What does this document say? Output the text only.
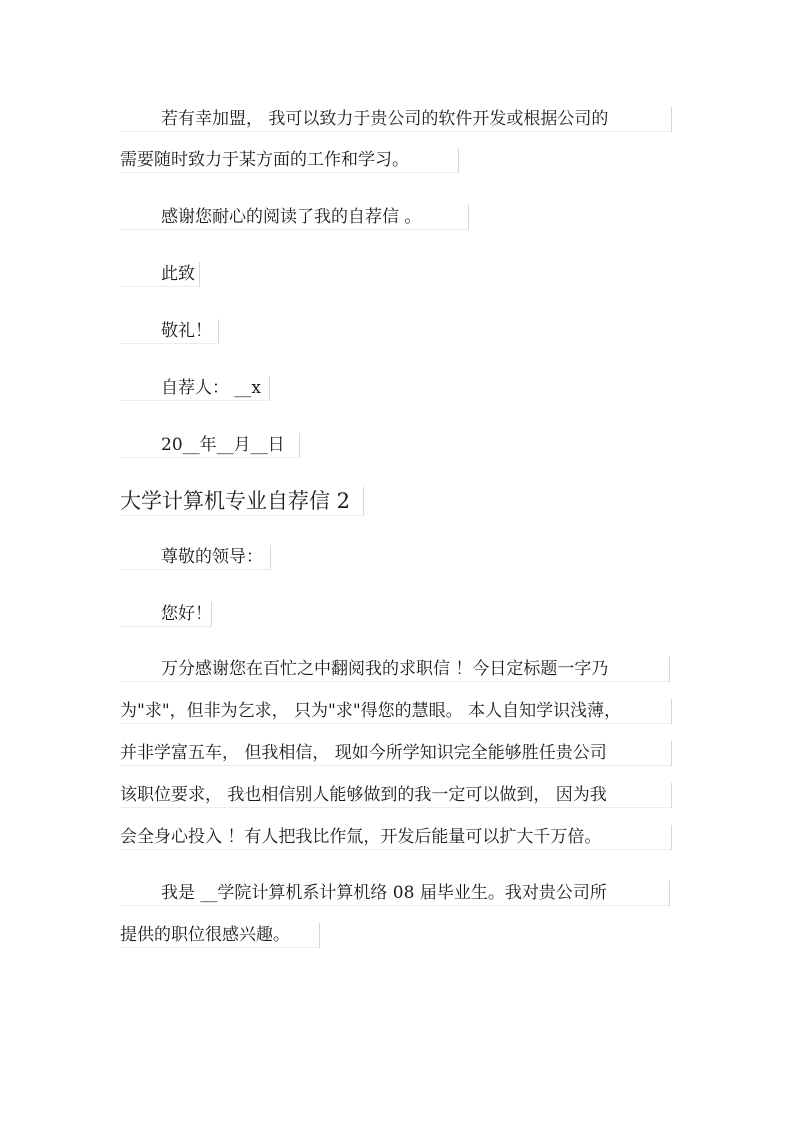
若有幸加盟， 我可以致力于贵公司的软件开发或根据公司的
需要随时致力于某方面的工作和学习。
感谢您耐心的阅读了我的自荐信 。
此致
敬礼！
自荐人： __x
20__年__月__日
大学计算机专业自荐信 2
尊敬的领导：
您好！
万分感谢您在百忙之中翻阅我的求职信 ！今日定标题一字乃
为"求"，但非为乞求， 只为"求"得您的慧眼。 本人自知学识浅薄，
并非学富五车， 但我相信， 现如今所学知识完全能够胜任贵公司
该职位要求， 我也相信别人能够做到的我一定可以做到， 因为我
会全身心投入 ！有人把我比作氚，开发后能量可以扩大千万倍。
我是 __学院计算机系计算机络 08 届毕业生。我对贵公司所
提供的职位很感兴趣。
